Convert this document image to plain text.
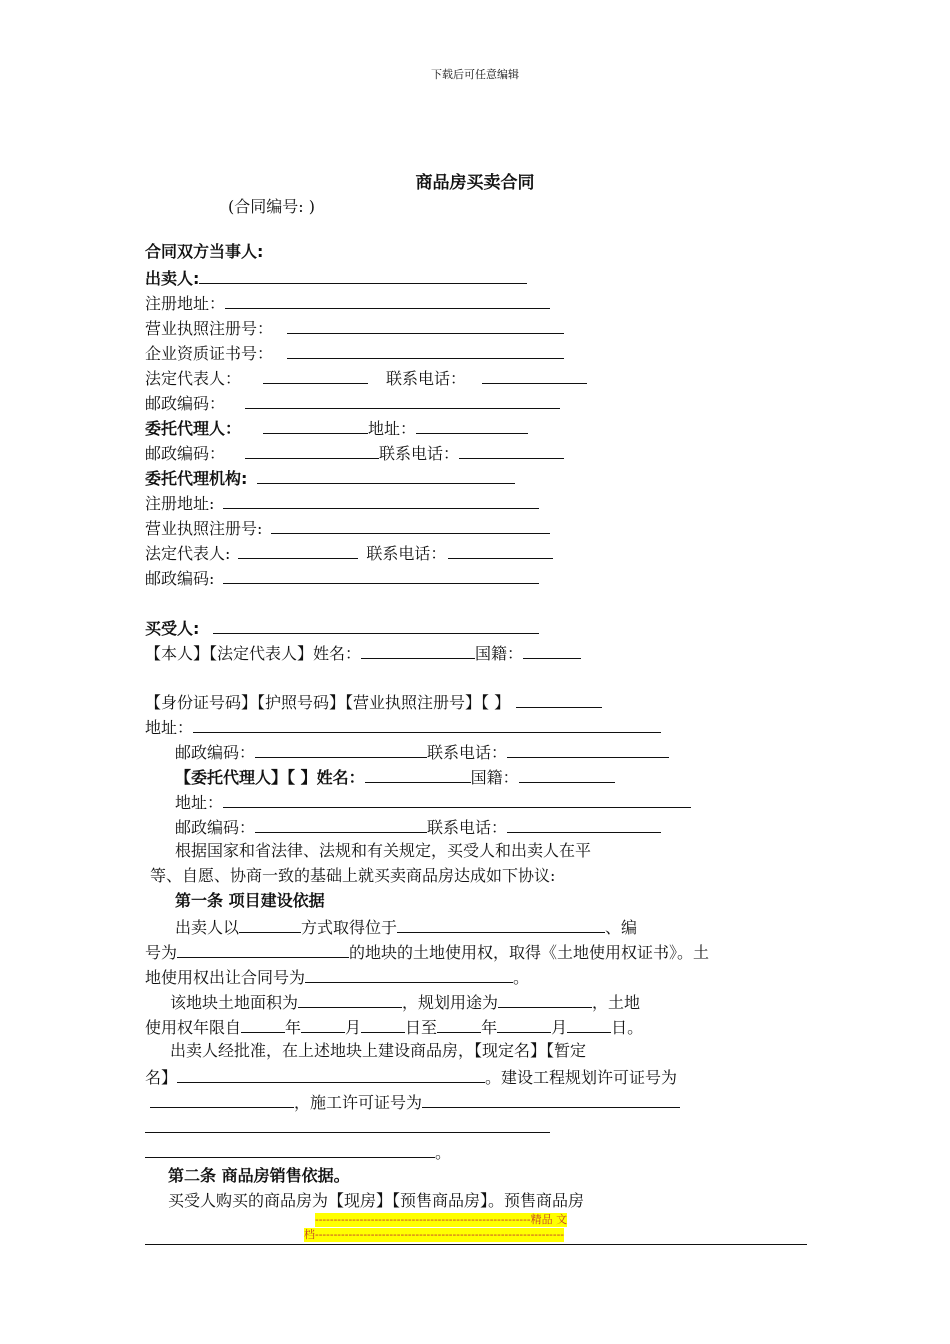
下载后可任意编辑
商品房买卖合同
(合同编号: )
合同双方当事人:
出卖人:
注册地址：
营业执照注册号：
企业资质证书号：
法定代表人：	联系电话：
邮政编码：
委托代理人：	地址：
邮政编码：	联系电话：
委托代理机构:
注册地址:
营业执照注册号:
法定代表人:	联系电话：
邮政编码:
买受人:
【本人】【法定代表人】姓名：	国籍：
【身份证号码】【护照号码】【营业执照注册号】【 】
地址：
邮政编码：	联系电话：
【委托代理人】【 】姓名：	国籍：
地址：
邮政编码：	联系电话：
根据国家和省法律、法规和有关规定，买受人和出卖人在平
等、自愿、协商一致的基础上就买卖商品房达成如下协议:
第一条 项目建设依据
出卖人以	方式取得位于	、编
号为	的地块的土地使用权，取得《土地使用权证书》。土
地使用权出让合同号为	。
该地块土地面积为	，规划用途为	，土地
使用权年限自	年	月	日至	年	月	日。
出卖人经批准，在上述地块上建设商品房，【现定名】【暂定
名】	。建设工程规划许可证号为
，施工许可证号为
。
第二条 商品房销售依据。
买受人购买的商品房为【现房】【预售商品房】。预售商品房
----------------------------------------------------------精品 文
档-------------------------------------------------------------------
